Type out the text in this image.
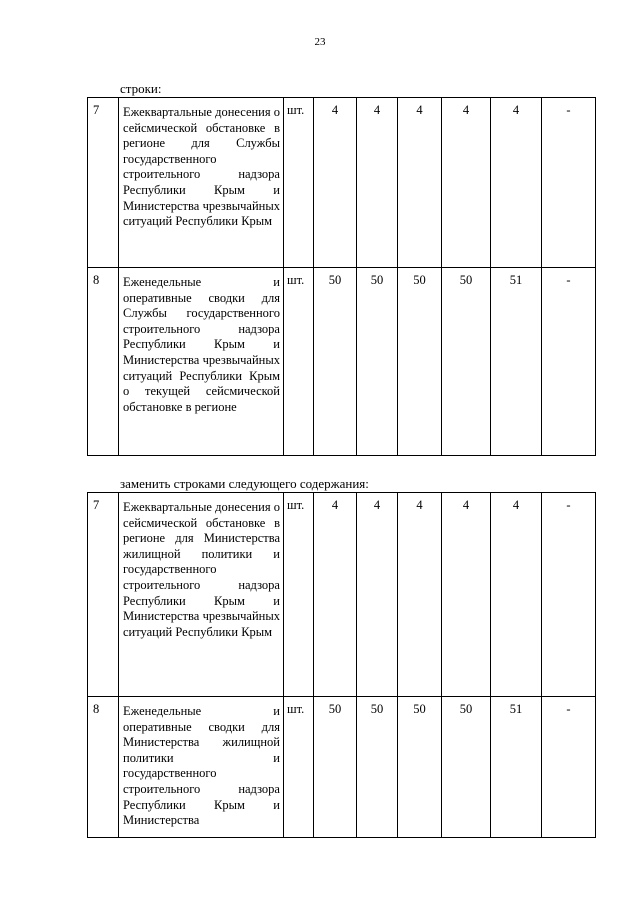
23
строки:
7	Ежеквартальные донесения о сейсмической обстановке в регионе для Службы государственного строительного надзора Республики Крым и Министерства чрезвычайных ситуаций Республики Крым	шт.	4	4	4	4	4	-
8	Еженедельные и оперативные сводки для Службы государственного строительного надзора Республики Крым и Министерства чрезвычайных ситуаций Республики Крым о текущей сейсмической обстановке в регионе	шт.	50	50	50	50	51	-
заменить строками следующего содержания:
7	Ежеквартальные донесения о сейсмической обстановке в регионе для Министерства жилищной политики и государственного строительного надзора Республики Крым и Министерства чрезвычайных ситуаций Республики Крым	шт.	4	4	4	4	4	-
8	Еженедельные и оперативные сводки для Министерства жилищной политики и государственного строительного надзора Республики Крым и Министерства	шт.	50	50	50	50	51	-
